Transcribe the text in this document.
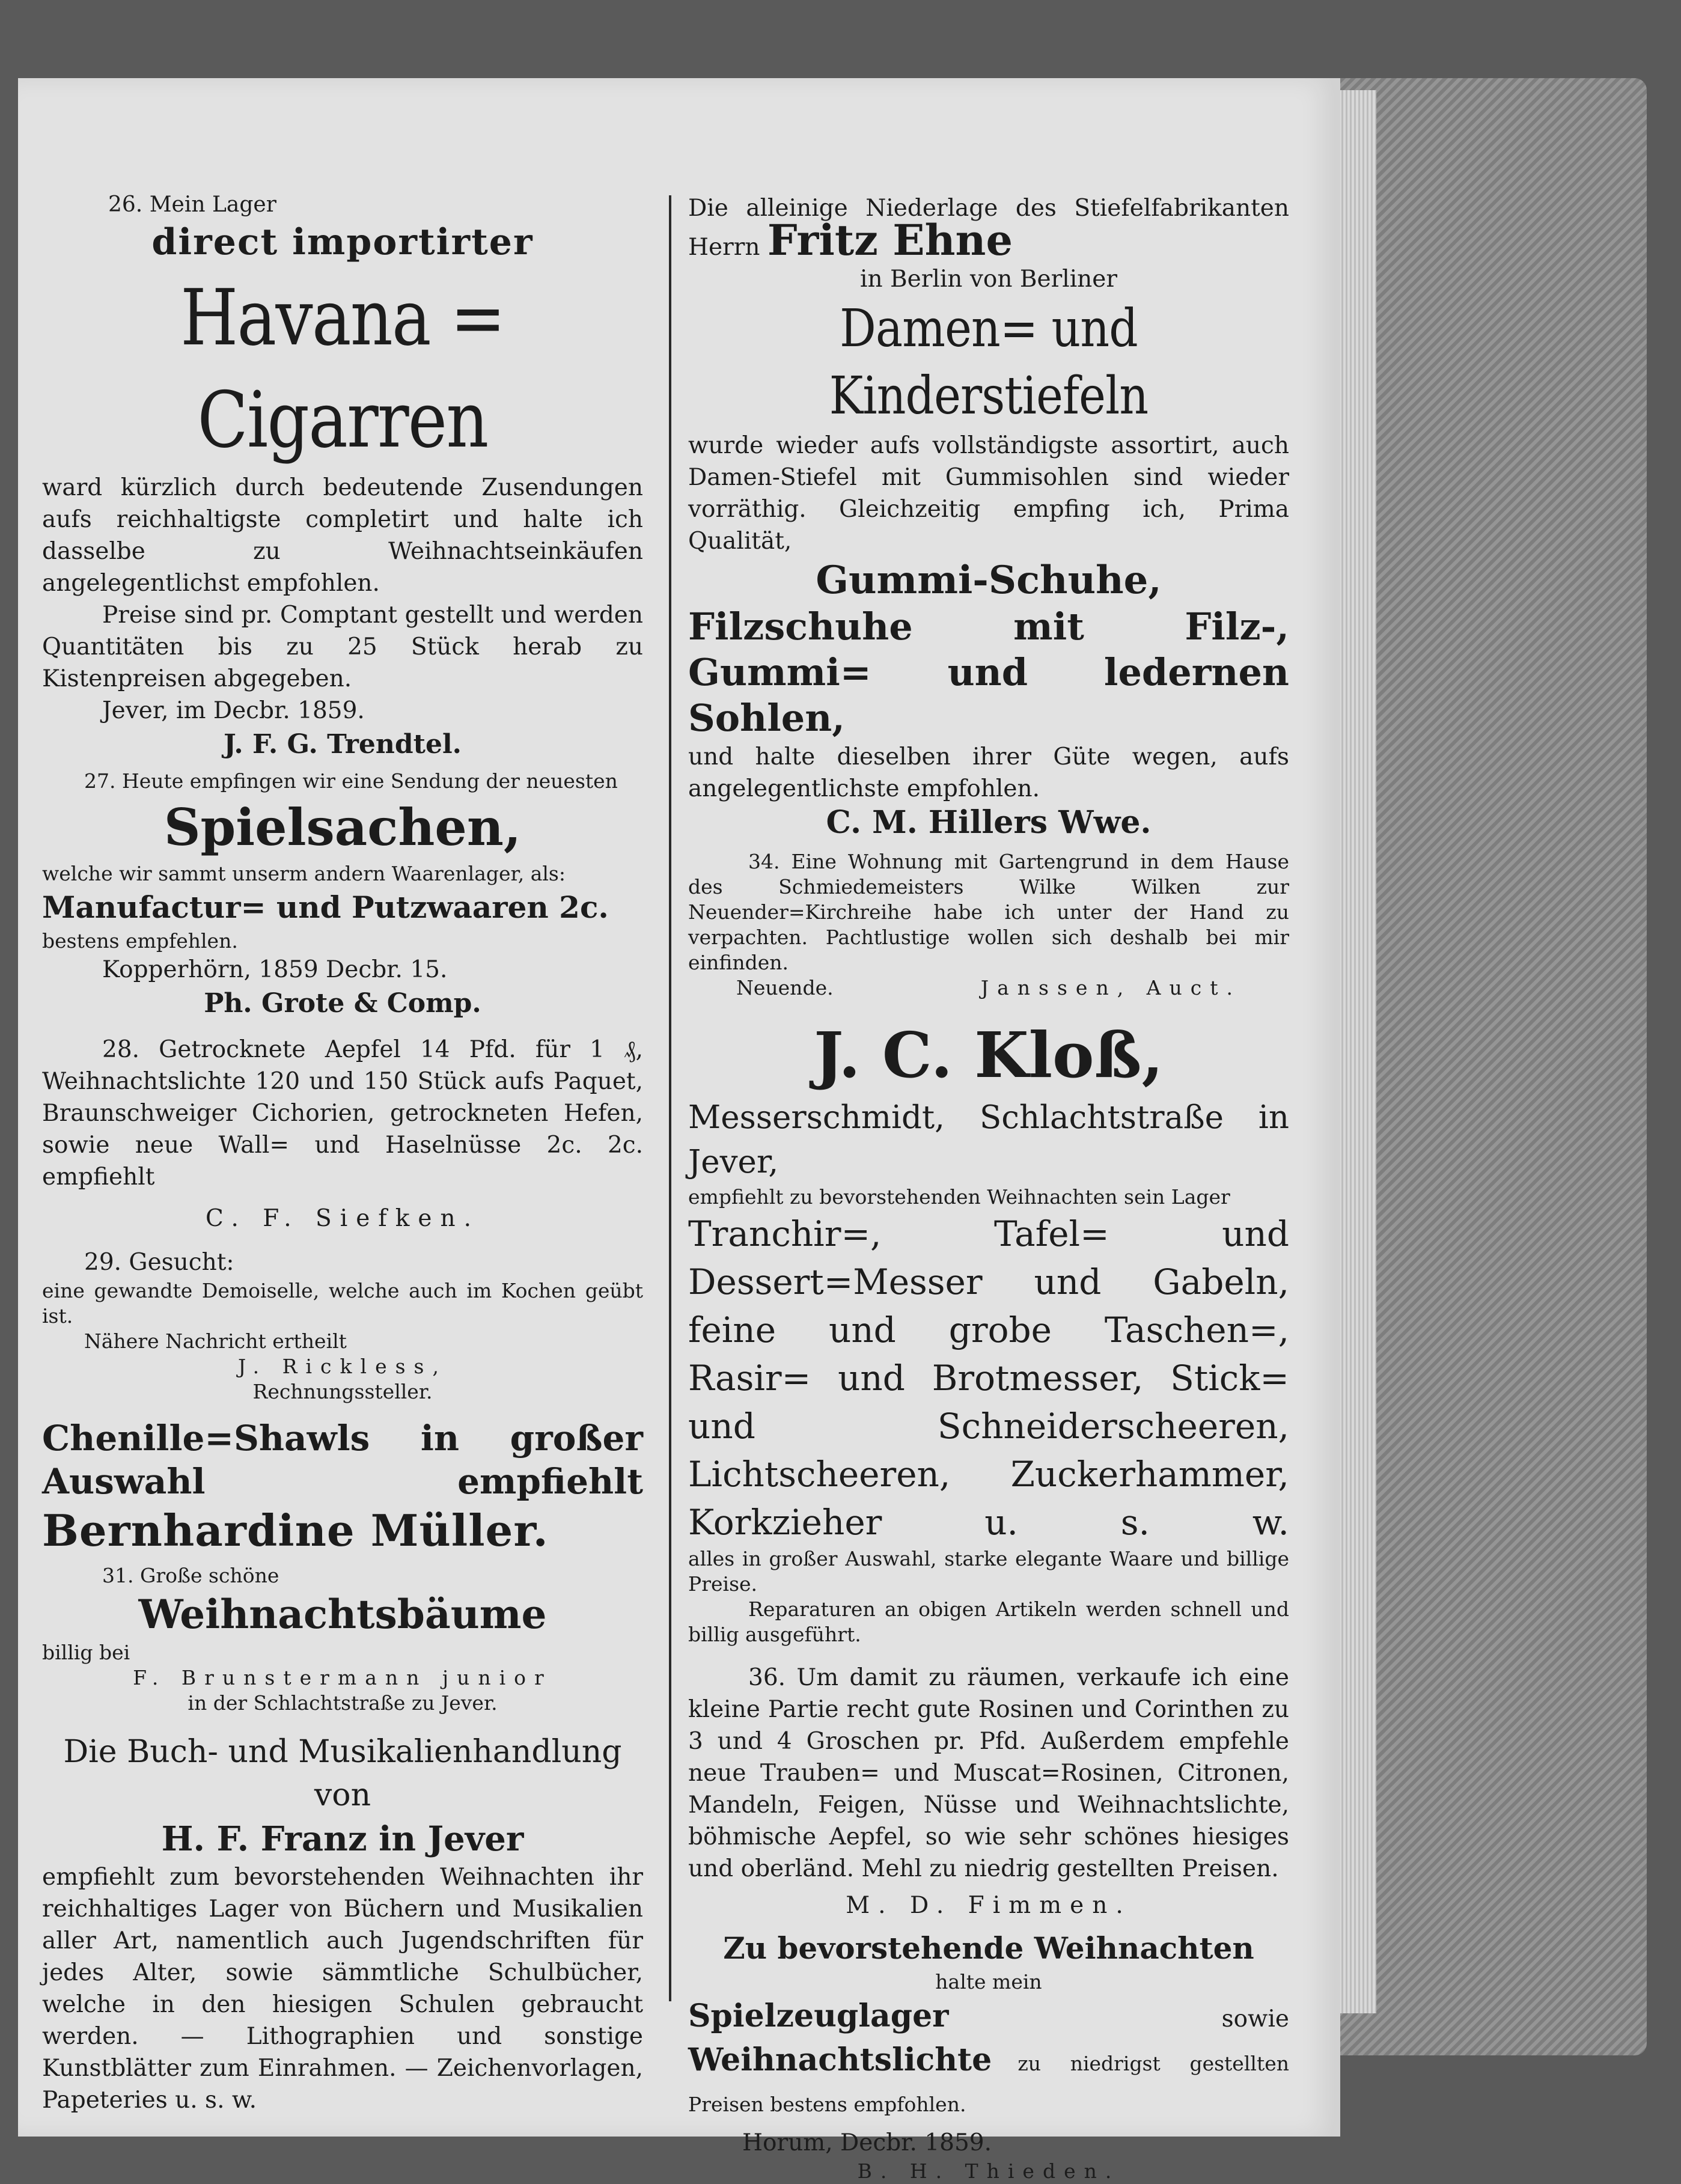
26. Mein Lager

direct importirter

Havana = Cigarren

ward kürzlich durch bedeutende Zusendungen aufs reichhaltigste completirt und halte ich dasselbe zu Weihnachtseinkäufen angelegentlichst empfohlen.

Preise sind pr. Comptant gestellt und werden Quantitäten bis zu 25 Stück herab zu Kistenpreisen abgegeben.

Jever, im Decbr. 1859.

J. F. G. Trendtel.

27. Heute empfingen wir eine Sendung der neuesten

Spielsachen,

welche wir sammt unserm andern Waarenlager, als:

Manufactur= und Putzwaaren 2c.

bestens empfehlen.

Kopperhörn, 1859 Decbr. 15.

Ph. Grote & Comp.

28. Getrocknete Aepfel 14 Pfd. für 1 ₰, Weihnachtslichte 120 und 150 Stück aufs Paquet, Braunschweiger Cichorien, getrockneten Hefen, sowie neue Wall= und Haselnüsse 2c. 2c. empfiehlt

C. F. Siefken.

29. Gesucht:

eine gewandte Demoiselle, welche auch im Kochen geübt ist.

Nähere Nachricht ertheilt

J. Rickless,

Rechnungssteller.

Chenille=Shawls in großer Auswahl empfiehlt

Bernhardine Müller.

31. Große schöne

Weihnachtsbäume

billig bei

F. Brunstermann junior

in der Schlachtstraße zu Jever.

Die Buch- und Musikalienhandlung von

H. F. Franz in Jever

empfiehlt zum bevorstehenden Weihnachten ihr reichhaltiges Lager von Büchern und Musikalien aller Art, namentlich auch Jugendschriften für jedes Alter, sowie sämmtliche Schulbücher, welche in den hiesigen Schulen gebraucht werden. — Lithographien und sonstige Kunstblätter zum Einrahmen. — Zeichenvorlagen, Papeteries u. s. w.

Die alleinige Niederlage des Stiefelfabrikanten Herrn Fritz Ehne

in Berlin von Berliner

Damen= und Kinderstiefeln

wurde wieder aufs vollständigste assortirt, auch Damen-Stiefel mit Gummisohlen sind wieder vorräthig. Gleichzeitig empfing ich, Prima Qualität,

Gummi-Schuhe,

Filzschuhe mit Filz-, Gummi= und ledernen Sohlen,

und halte dieselben ihrer Güte wegen, aufs angelegentlichste empfohlen.

C. M. Hillers Wwe.

34. Eine Wohnung mit Gartengrund in dem Hause des Schmiedemeisters Wilke Wilken zur Neuender=Kirchreihe habe ich unter der Hand zu verpachten. Pachtlustige wollen sich deshalb bei mir einfinden.

Neuende.	Janssen, Auct.

J. C. Kloß,

Messerschmidt, Schlachtstraße in Jever,

empfiehlt zu bevorstehenden Weihnachten sein Lager

Tranchir=, Tafel= und Dessert=Messer und Gabeln, feine und grobe Taschen=, Rasir= und Brotmesser, Stick= und Schneiderscheeren, Lichtscheeren, Zuckerhammer, Korkzieher u. s. w.

alles in großer Auswahl, starke elegante Waare und billige Preise.

Reparaturen an obigen Artikeln werden schnell und billig ausgeführt.

36. Um damit zu räumen, verkaufe ich eine kleine Partie recht gute Rosinen und Corinthen zu 3 und 4 Groschen pr. Pfd. Außerdem empfehle neue Trauben= und Muscat=Rosinen, Citronen, Mandeln, Feigen, Nüsse und Weihnachtslichte, böhmische Aepfel, so wie sehr schönes hiesiges und oberländ. Mehl zu niedrig gestellten Preisen.

M. D. Fimmen.

Zu bevorstehende Weihnachten

halte mein

Spielzeuglager	sowie Weihnachtslichte zu niedrigst gestellten Preisen bestens empfohlen.

Horum, Decbr. 1859.

B. H. Thieden.
